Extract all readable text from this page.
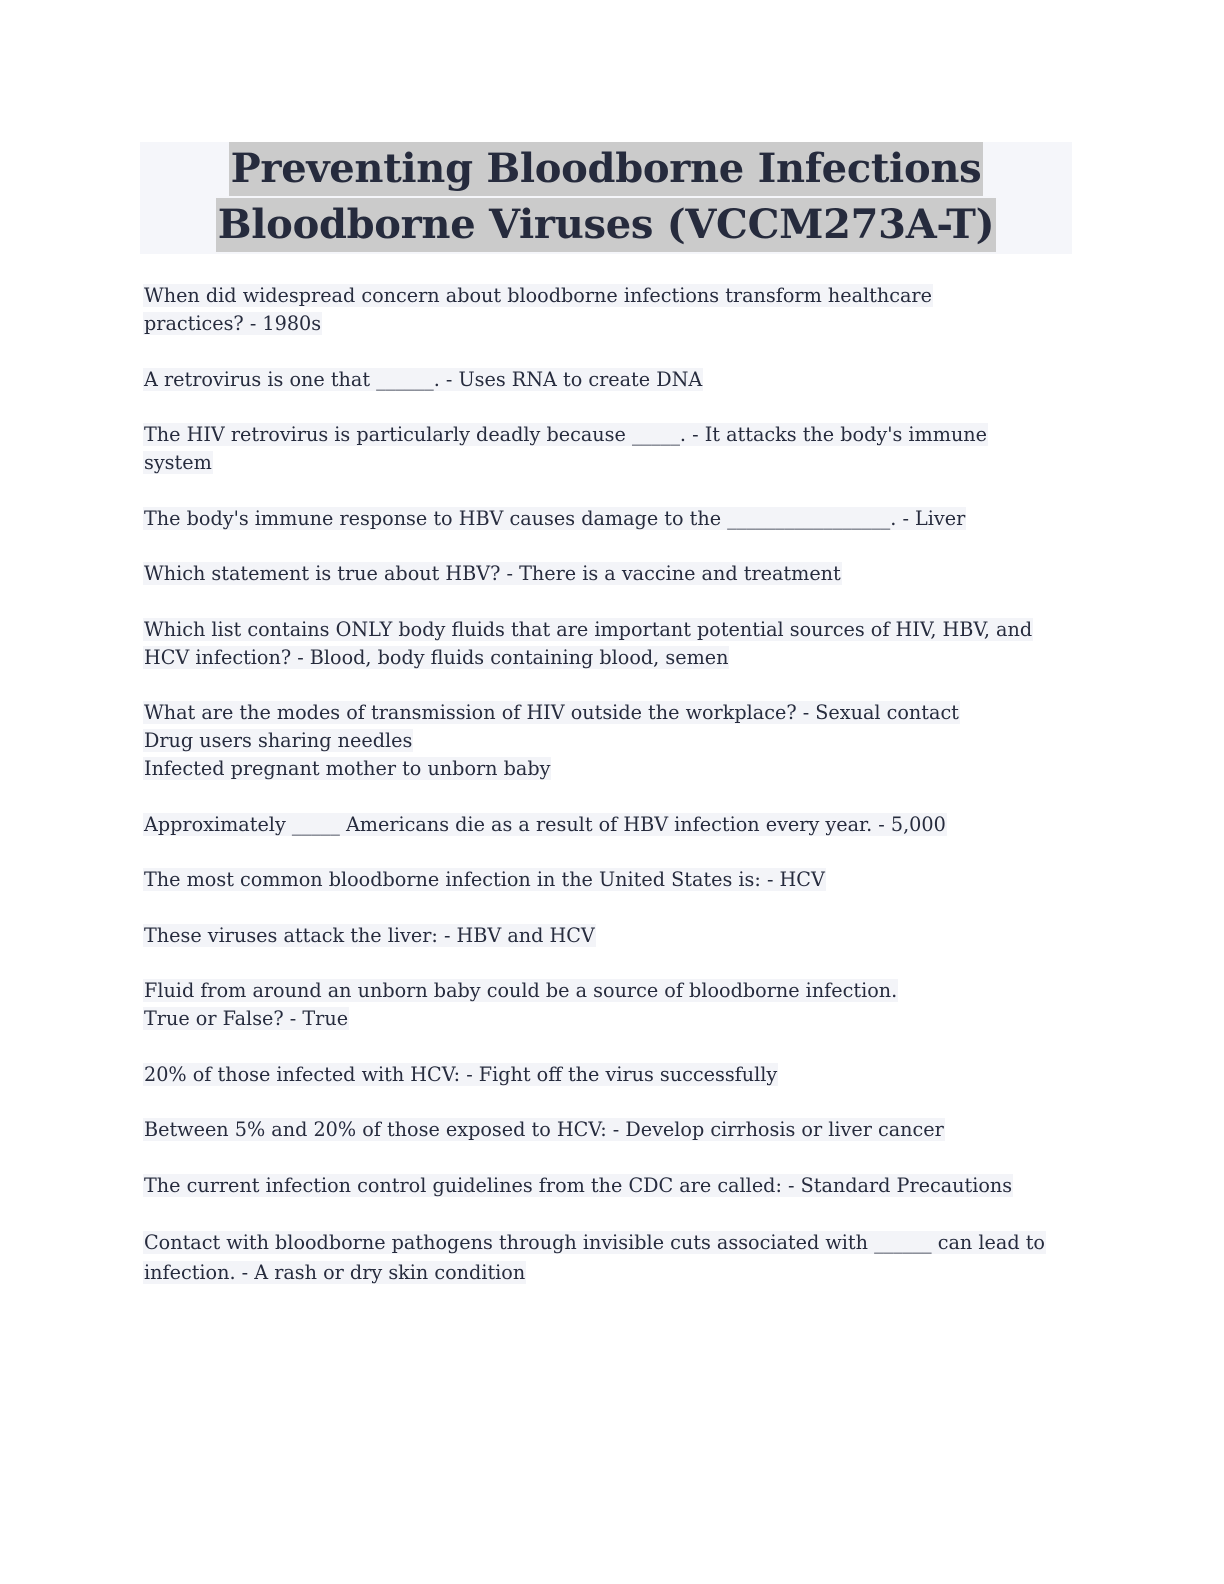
Preventing Bloodborne Infections
Bloodborne Viruses (VCCM273A-T)
When did widespread concern about bloodborne infections transform healthcare
practices? - 1980s
A retrovirus is one that ______. - Uses RNA to create DNA
The HIV retrovirus is particularly deadly because _____. - It attacks the body's immune
system
The body's immune response to HBV causes damage to the _________________. - Liver
Which statement is true about HBV? - There is a vaccine and treatment
Which list contains ONLY body fluids that are important potential sources of HIV, HBV, and
HCV infection? - Blood, body fluids containing blood, semen
What are the modes of transmission of HIV outside the workplace? - Sexual contact
Drug users sharing needles
Infected pregnant mother to unborn baby
Approximately _____ Americans die as a result of HBV infection every year. - 5,000
The most common bloodborne infection in the United States is: - HCV
These viruses attack the liver: - HBV and HCV
Fluid from around an unborn baby could be a source of bloodborne infection.
True or False? - True
20% of those infected with HCV: - Fight off the virus successfully
Between 5% and 20% of those exposed to HCV: - Develop cirrhosis or liver cancer
The current infection control guidelines from the CDC are called: - Standard Precautions
Contact with bloodborne pathogens through invisible cuts associated with ______ can lead to
infection. - A rash or dry skin condition
